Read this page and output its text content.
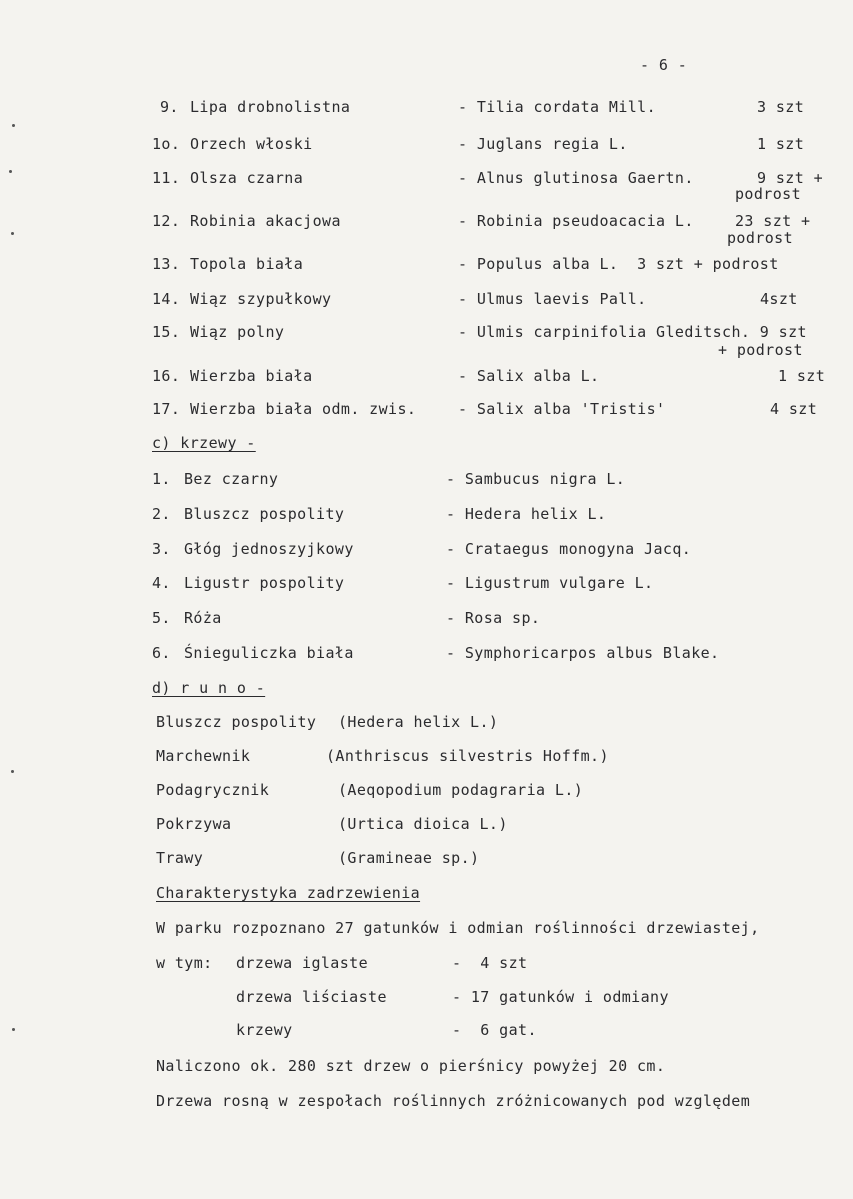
- 6 -
9. Lipa drobnolistna	- Tilia cordata Mill.	3 szt
1o. Orzech włoski	- Juglans regia L.	1 szt
11. Olsza czarna	- Alnus glutinosa Gaertn.	9 szt +
podrost
12. Robinia akacjowa	- Robinia pseudoacacia L.	23 szt +
podrost
13. Topola biała	- Populus alba L.  3 szt + podrost
14. Wiąz szypułkowy	- Ulmus laevis Pall.	4szt
15. Wiąz polny	- Ulmis carpinifolia Gleditsch. 9 szt
+ podrost
16. Wierzba biała	- Salix alba L.	1 szt
17. Wierzba biała odm. zwis.	- Salix alba 'Tristis'	4 szt
c) krzewy -
1. Bez czarny	- Sambucus nigra L.
2. Bluszcz pospolity	- Hedera helix L.
3. Głóg jednoszyjkowy	- Crataegus monogyna Jacq.
4. Ligustr pospolity	- Ligustrum vulgare L.
5. Róża	- Rosa sp.
6. Śnieguliczka biała	- Symphoricarpos albus Blake.
d) r u n o -
Bluszcz pospolity (Hedera helix L.)
Marchewnik	(Anthriscus silvestris Hoffm.)
Podagrycznik	(Aeqopodium podagraria L.)
Pokrzywa	(Urtica dioica L.)
Trawy	(Gramineae sp.)
Charakterystyka zadrzewienia
W parku rozpoznano 27 gatunków i odmian roślinności drzewiastej,
w tym: drzewa iglaste	-  4 szt
drzewa liściaste	- 17 gatunków i odmiany
krzewy	-  6 gat.
Naliczono ok. 280 szt drzew o pierśnicy powyżej 20 cm.
Drzewa rosną w zespołach roślinnych zróżnicowanych pod względem
